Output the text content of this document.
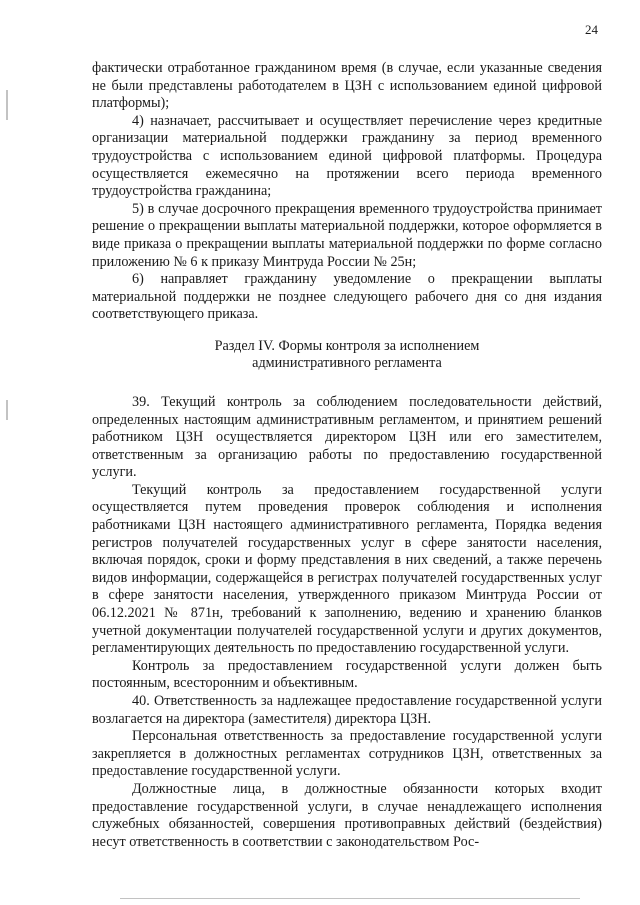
24

фактически отработанное гражданином время (в случае, если указанные сведения не были представлены работодателем в ЦЗН с использованием единой цифровой платформы);

4) назначает, рассчитывает и осуществляет перечисление через кредитные организации материальной поддержки гражданину за период временного трудоустройства с использованием единой цифровой платформы. Процедура осуществляется ежемесячно на протяжении всего периода временного трудоустройства гражданина;

5) в случае досрочного прекращения временного трудоустройства принимает решение о прекращении выплаты материальной поддержки, которое оформляется в виде приказа о прекращении выплаты материальной поддержки по форме согласно приложению № 6 к приказу Минтруда России № 25н;

6) направляет гражданину уведомление о прекращении выплаты материальной поддержки не позднее следующего рабочего дня со дня издания соответствующего приказа.

Раздел IV. Формы контроля за исполнением
административного регламента

39. Текущий контроль за соблюдением последовательности действий, определенных настоящим административным регламентом, и принятием решений работником ЦЗН осуществляется директором ЦЗН или его заместителем, ответственным за организацию работы по предоставлению государственной услуги.

Текущий контроль за предоставлением государственной услуги осуществляется путем проведения проверок соблюдения и исполнения работниками ЦЗН настоящего административного регламента, Порядка ведения регистров получателей государственных услуг в сфере занятости населения, включая порядок, сроки и форму представления в них сведений, а также перечень видов информации, содержащейся в регистрах получателей государственных услуг в сфере занятости населения, утвержденного приказом Минтруда России от 06.12.2021 № 871н, требований к заполнению, ведению и хранению бланков учетной документации получателей государственной услуги и других документов, регламентирующих деятельность по предоставлению государственной услуги.

Контроль за предоставлением государственной услуги должен быть постоянным, всесторонним и объективным.

40. Ответственность за надлежащее предоставление государственной услуги возлагается на директора (заместителя) директора ЦЗН.

Персональная ответственность за предоставление государственной услуги закрепляется в должностных регламентах сотрудников ЦЗН, ответственных за предоставление государственной услуги.

Должностные лица, в должностные обязанности которых входит предоставление государственной услуги, в случае ненадлежащего исполнения служебных обязанностей, совершения противоправных действий (бездействия) несут ответственность в соответствии с законодательством Рос-
